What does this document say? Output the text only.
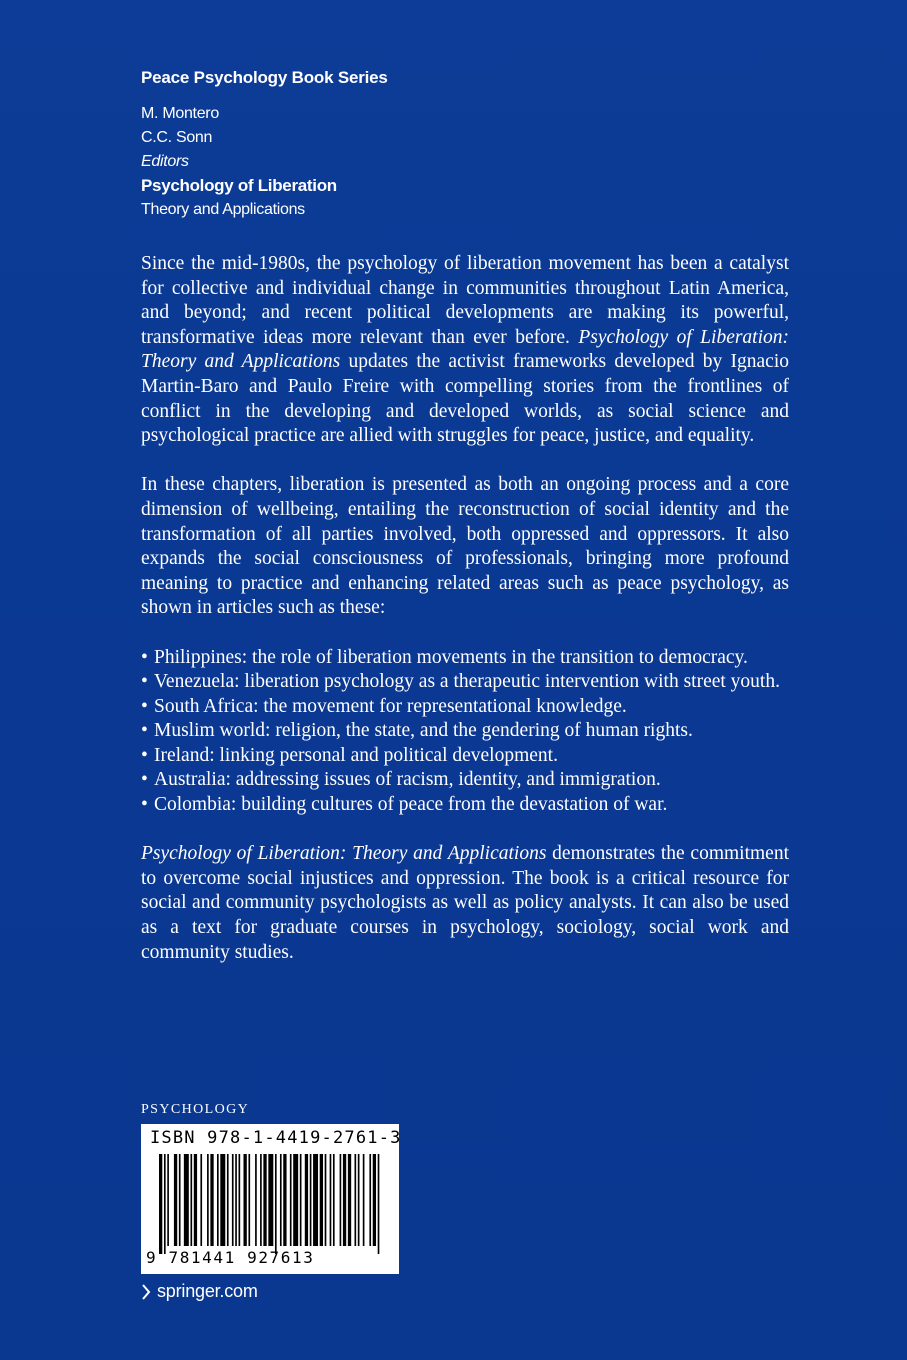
Peace Psychology Book Series
M. Montero
C.C. Sonn
Editors
Psychology of Liberation
Theory and Applications

Since the mid-1980s, the psychology of liberation movement has been a catalyst for collective and individual change in communities throughout Latin America, and beyond; and recent political developments are making its powerful, transformative ideas more relevant than ever before. Psychology of Liberation: Theory and Applications updates the activist frameworks developed by Ignacio Martin-Baro and Paulo Freire with compelling stories from the frontlines of conflict in the developing and developed worlds, as social science and psychological practice are allied with struggles for peace, justice, and equality.

In these chapters, liberation is presented as both an ongoing process and a core dimension of wellbeing, entailing the reconstruction of social identity and the transformation of all parties involved, both oppressed and oppressors. It also expands the social consciousness of professionals, bringing more profound meaning to practice and enhancing related areas such as peace psychology, as shown in articles such as these:

• Philippines: the role of liberation movements in the transition to democracy.
• Venezuela: liberation psychology as a therapeutic intervention with street youth.
• South Africa: the movement for representational knowledge.
• Muslim world: religion, the state, and the gendering of human rights.
• Ireland: linking personal and political development.
• Australia: addressing issues of racism, identity, and immigration.
• Colombia: building cultures of peace from the devastation of war.

Psychology of Liberation: Theory and Applications demonstrates the commitment to overcome social injustices and oppression. The book is a critical resource for social and community psychologists as well as policy analysts. It can also be used as a text for graduate courses in psychology, sociology, social work and community studies.

PSYCHOLOGY
ISBN 978-1-4419-2761-3
9 781441 927613
springer.com
